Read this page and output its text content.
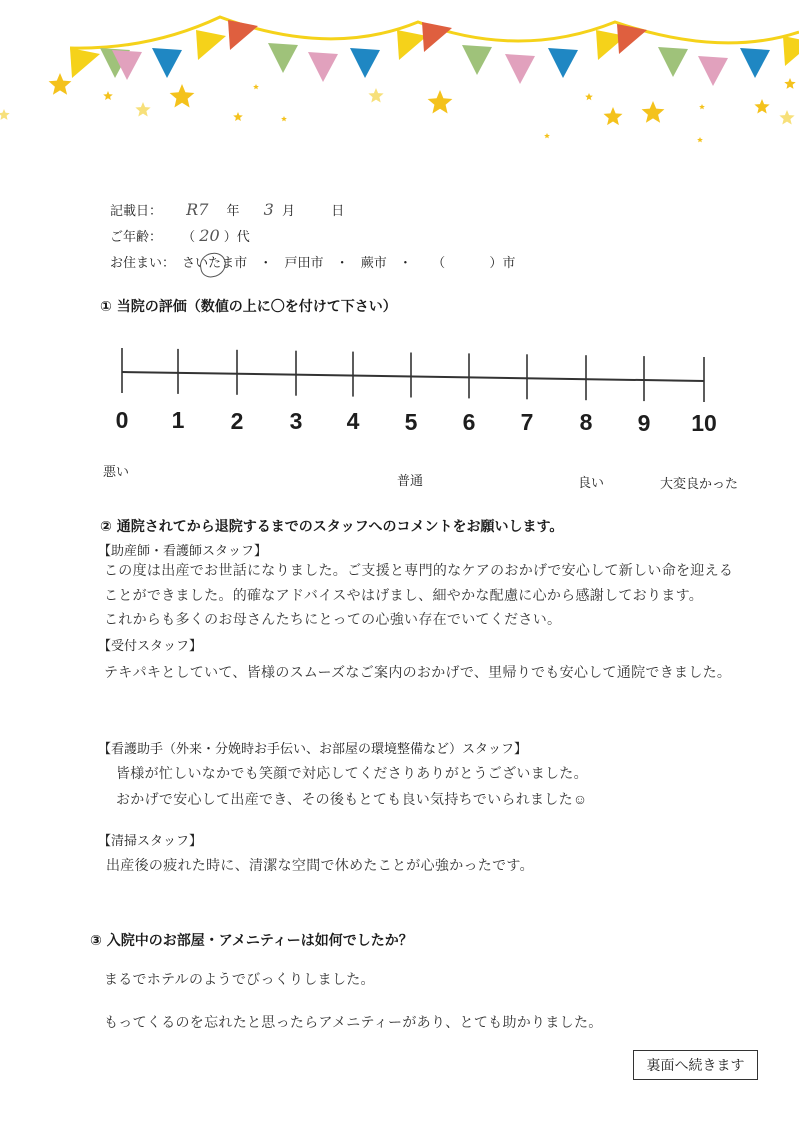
記載日： R7 年 3 月	日
ご年齢： （ 20 ）代
お住まい： さいたま市 ・ 戸田市 ・ 蕨市 ・ （	）市
① 当院の評価（数値の上に〇を付けて下さい）
0 1 2 3 4 5 6 7 8 9 10
悪い
普通	良い	大変良かった
② 通院されてから退院するまでのスタッフへのコメントをお願いします。
【助産師・看護師スタッフ】
この度は出産でお世話になりました。ご支援と専門的なケアのおかげで安心して新しい命を迎える
ことができました。的確なアドバイスやはげまし、細やかな配慮に心から感謝しております。
これからも多くのお母さんたちにとっての心強い存在でいてください。
【受付スタッフ】
テキパキとしていて、皆様のスムーズなご案内のおかげで、里帰りでも安心して通院できました。
【看護助手（外来・分娩時お手伝い、お部屋の環境整備など）スタッフ】
皆様が忙しいなかでも笑顔で対応してくださりありがとうございました。
おかげで安心して出産でき、その後もとても良い気持ちでいられました☺
【清掃スタッフ】
出産後の疲れた時に、清潔な空間で休めたことが心強かったです。
③ 入院中のお部屋・アメニティーは如何でしたか？
まるでホテルのようでびっくりしました。
もってくるのを忘れたと思ったらアメニティーがあり、とても助かりました。
裏面へ続きます
